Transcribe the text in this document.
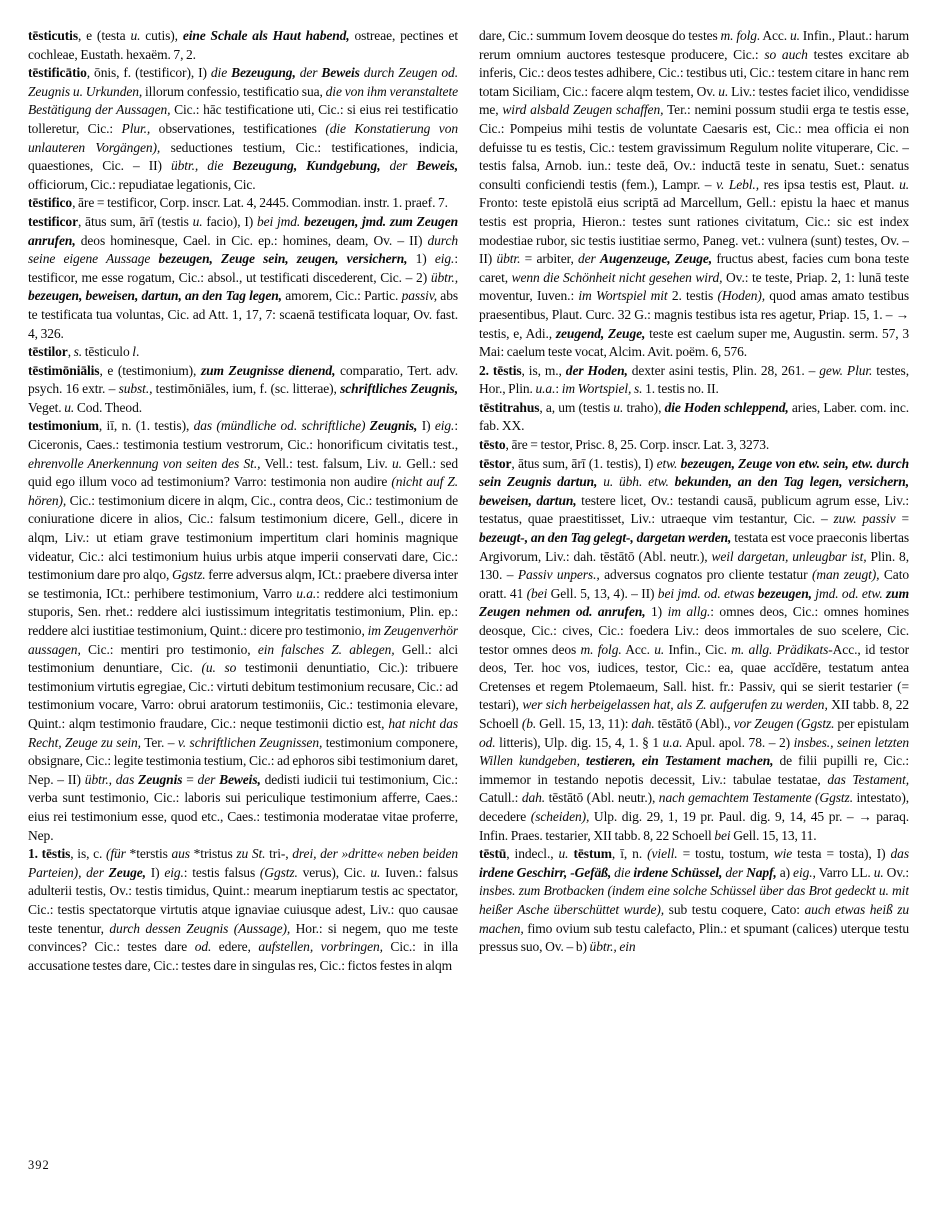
tēsticutis, e (testa u. cutis), eine Schale als Haut habend, ostreae, pectines et cochleae, Eustath. hexaëm. 7, 2.

tēstificātio, ōnis, f. (testificor), I) die Bezeugung, der Beweis durch Zeugen od. Zeugnis u. Urkunden, illorum confessio, testificatio sua, die von ihm veranstaltete Bestätigung der Aussagen, Cic.: hāc testificatione uti, Cic.: si eius rei testificatio tolleretur, Cic.: Plur., observationes, testificationes (die Konstatierung von unlauteren Vorgängen), seductiones testium, Cic.: testificationes, indicia, quaestiones, Cic. – II) übtr., die Bezeugung, Kundgebung, der Beweis, officiorum, Cic.: repudiatae legationis, Cic.

tēstifico, āre = testificor, Corp. inscr. Lat. 4, 2445. Commodian. instr. 1. praef. 7.

testificor, ātus sum, ārī (testis u. facio), I) bei jmd. bezeugen, jmd. zum Zeugen anrufen, deos hominesque, Cael. in Cic. ep.: homines, deam, Ov. – II) durch seine eigene Aussage bezeugen, Zeuge sein, zeugen, versichern, 1) eig.: testificor, me esse rogatum, Cic.: absol., ut testificati discederent, Cic. – 2) übtr., bezeugen, beweisen, dartun, an den Tag legen, amorem, Cic.: Partic. passiv, abs te testificata tua voluntas, Cic. ad Att. 1, 17, 7: scaenā testificata loquar, Ov. fast. 4, 326.

tēstilor, s. tēsticulo l.

tēstimōniālis, e (testimonium), zum Zeugnisse dienend, comparatio, Tert. adv. psych. 16 extr. – subst., testimōniāles, ium, f. (sc. litterae), schriftliches Zeugnis, Veget. u. Cod. Theod.

testimonium, iī, n. (1. testis), das (mündliche od. schriftliche) Zeugnis, I) eig.: Ciceronis, Caes.: testimonia testium vestrorum, Cic.: honorificum civitatis test., ehrenvolle Anerkennung von seiten des St., Vell.: test. falsum, Liv. u. Gell.: sed quid ego illum voco ad testimonium? Varro: testimonia non audire (nicht auf Z. hören), Cic.: testimonium dicere in alqm, Cic., contra deos, Cic.: testimonium de coniuratione dicere in alios, Cic.: falsum testimonium dicere, Gell., dicere in alqm, Liv.: ut etiam grave testimonium impertitum clari hominis magnique videatur, Cic.: alci testimonium huius urbis atque imperii conservati dare, Cic.: testimonium dare pro alqo, Ggstz. ferre adversus alqm, ICt.: praebere diversa inter se testimonia, ICt.: perhibere testimonium, Varro u.a.: reddere alci testimonium stuporis, Sen. rhet.: reddere alci iustissimum integritatis testimonium, Plin. ep.: reddere alci iustitiae testimonium, Quint.: dicere pro testimonio, im Zeugenverhör aussagen, Cic.: mentiri pro testimonio, ein falsches Z. ablegen, Gell.: alci testimonium denuntiare, Cic. (u. so testimonii denuntiatio, Cic.): tribuere testimonium virtutis egregiae, Cic.: virtuti debitum testimonium recusare, Cic.: ad testimonium vocare, Varro: obrui aratorum testimoniis, Cic.: testimonia elevare, Quint.: alqm testimonio fraudare, Cic.: neque testimonii dictio est, hat nicht das Recht, Zeuge zu sein, Ter. – v. schriftlichen Zeugnissen, testimonium componere, obsignare, Cic.: legite testimonia testium, Cic.: ad ephoros sibi testimonium daret, Nep. – II) übtr., das Zeugnis = der Beweis, dedisti iudicii tui testimonium, Cic.: verba sunt testimonio, Cic.: laboris sui periculique testimonium afferre, Caes.: eius rei testimonium esse, quod etc., Caes.: testimonia moderatae vitae proferre, Nep.

1. tēstis, is, c. (für *terstis aus *tristus zu St. tri-, drei, der »dritte« neben beiden Parteien), der Zeuge, I) eig.: testis falsus (Ggstz. verus), Cic. u. Iuven.: falsus adulterii testis, Ov.: testis timidus, Quint.: mearum ineptiarum testis ac spectator, Cic.: testis spectatorque virtutis atque ignaviae cuiusque adest, Liv.: quo causae teste tenentur, durch dessen Zeugnis (Aussage), Hor.: si negem, quo me teste convinces? Cic.: testes dare od. edere, aufstellen, vorbringen, Cic.: in illa accusatione testes dare, Cic.: testes dare in singulas res, Cic.: fictos festes in alqm

dare, Cic.: summum Iovem deosque do testes m. folg. Acc. u. Infin., Plaut.: harum rerum omnium auctores testesque producere, Cic.: so auch testes excitare ab inferis, Cic.: deos testes adhibere, Cic.: testibus uti, Cic.: testem citare in hanc rem totam Siciliam, Cic.: facere alqm testem, Ov. u. Liv.: testes faciet ilico, vendidisse me, wird alsbald Zeugen schaffen, Ter.: nemini possum studii erga te testis esse, Cic.: Pompeius mihi testis de voluntate Caesaris est, Cic.: mea officia ei non defuisse tu es testis, Cic.: testem gravissimum Regulum nolite vituperare, Cic. – testis falsa, Arnob. iun.: teste deā, Ov.: inductā teste in senatu, Suet.: senatus consulti conficiendi testis (fem.), Lampr. – v. Lebl., res ipsa testis est, Plaut. u. Fronto: teste epistolā eius scriptā ad Marcellum, Gell.: epistu la haec et manus testis est propria, Hieron.: testes sunt rationes civitatum, Cic.: sic est index modestiae rubor, sic testis iustitiae sermo, Paneg. vet.: vulnera (sunt) testes, Ov. – II) übtr. = arbiter, der Augenzeuge, Zeuge, fructus abest, facies cum bona teste caret, wenn die Schönheit nicht gesehen wird, Ov.: te teste, Priap. 2, 1: lunā teste moventur, Iuven.: im Wortspiel mit 2. testis (Hoden), quod amas amato testibus praesentibus, Plaut. Curc. 32 G.: magnis testibus ista res agetur, Priap. 15, 1. – → testis, e, Adi., zeugend, Zeuge, teste est caelum super me, Augustin. serm. 57, 3 Mai: caelum teste vocat, Alcim. Avit. poëm. 6, 576.

2. tēstis, is, m., der Hoden, dexter asini testis, Plin. 28, 261. – gew. Plur. testes, Hor., Plin. u.a.: im Wortspiel, s. 1. testis no. II.

tēstitrahus, a, um (testis u. traho), die Hoden schleppend, aries, Laber. com. inc. fab. XX.

tēsto, āre = testor, Prisc. 8, 25. Corp. inscr. Lat. 3, 3273.

tēstor, ātus sum, ārī (1. testis), I) etw. bezeugen, Zeuge von etw. sein, etw. durch sein Zeugnis dartun, u. übh. etw. bekunden, an den Tag legen, versichern, beweisen, dartun, testere licet, Ov.: testandi causā, publicum agrum esse, Liv.: testatus, quae praestitisset, Liv.: utraeque vim testantur, Cic. – zuw. passiv = bezeugt-, an den Tag gelegt-, dargetan werden, testata est voce praeconis libertas Argivorum, Liv.: dah. tēstātō (Abl. neutr.), weil dargetan, unleugbar ist, Plin. 8, 130. – Passiv unpers., adversus cognatos pro cliente testatur (man zeugt), Cato oratt. 41 (bei Gell. 5, 13, 4). – II) bei jmd. od. etwas bezeugen, jmd. od. etw. zum Zeugen nehmen od. anrufen, 1) im allg.: omnes deos, Cic.: omnes homines deosque, Cic.: cives, Cic.: foedera Liv.: deos immortales de suo scelere, Cic. testor omnes deos m. folg. Acc. u. Infin., Cic. m. allg. Prädikats-Acc., id testor deos, Ter. hoc vos, iudices, testor, Cic.: ea, quae accĭdēre, testatum antea Cretenses et regem Ptolemaeum, Sall. hist. fr.: Passiv, qui se sierit testarier (= testari), wer sich herbeigelassen hat, als Z. aufgerufen zu werden, XII tabb. 8, 22 Schoell (b. Gell. 15, 13, 11): dah. tēstātō (Abl)., vor Zeugen (Ggstz. per epistulam od. litteris), Ulp. dig. 15, 4, 1. § 1 u.a. Apul. apol. 78. – 2) insbes., seinen letzten Willen kundgeben, testieren, ein Testament machen, de filii pupilli re, Cic.: immemor in testando nepotis decessit, Liv.: tabulae testatae, das Testament, Catull.: dah. tēstātō (Abl. neutr.), nach gemachtem Testamente (Ggstz. intestato), decedere (scheiden), Ulp. dig. 29, 1, 19 pr. Paul. dig. 9, 14, 45 pr. – → paraq. Infin. Praes. testarier, XII tabb. 8, 22 Schoell bei Gell. 15, 13, 11.

tēstū, indecl., u. tēstum, ī, n. (viell. = tostu, tostum, wie testa = tosta), I) das irdene Geschirr, -Gefäß, die irdene Schüssel, der Napf, a) eig., Varro LL. u. Ov.: insbes. zum Brotbacken (indem eine solche Schüssel über das Brot gedeckt u. mit heißer Asche überschüttet wurde), sub testu coquere, Cato: auch etwas heiß zu machen, fimo ovium sub testu calefacto, Plin.: et spumant (calices) uterque testu pressus suo, Ov. – b) übtr., ein

392
